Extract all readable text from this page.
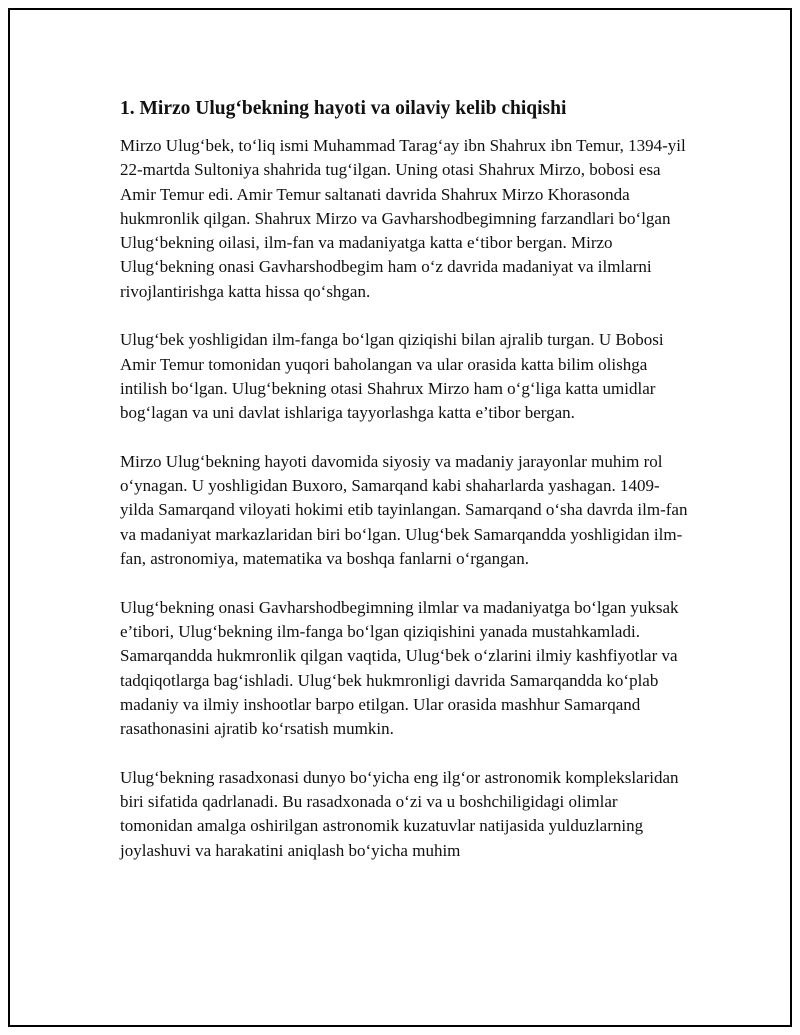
1. Mirzo Ulug‘bekning hayoti va oilaviy kelib chiqishi

Mirzo Ulug‘bek, to‘liq ismi Muhammad Tarag‘ay ibn Shahrux ibn Temur, 1394-yil 22-martda Sultoniya shahrida tug‘ilgan. Uning otasi Shahrux Mirzo, bobosi esa Amir Temur edi. Amir Temur saltanati davrida Shahrux Mirzo Khorasonda hukmronlik qilgan. Shahrux Mirzo va Gavharshodbegimning farzandlari bo‘lgan Ulug‘bekning oilasi, ilm-fan va madaniyatga katta e‘tibor bergan. Mirzo Ulug‘bekning onasi Gavharshodbegim ham o‘z davrida madaniyat va ilmlarni rivojlantirishga katta hissa qo‘shgan.

Ulug‘bek yoshligidan ilm-fanga bo‘lgan qiziqishi bilan ajralib turgan. U Bobosi Amir Temur tomonidan yuqori baholangan va ular orasida katta bilim olishga intilish bo‘lgan. Ulug‘bekning otasi Shahrux Mirzo ham o‘g‘liga katta umidlar bog‘lagan va uni davlat ishlariga tayyorlashga katta e’tibor bergan.

Mirzo Ulug‘bekning hayoti davomida siyosiy va madaniy jarayonlar muhim rol o‘ynagan. U yoshligidan Buxoro, Samarqand kabi shaharlarda yashagan. 1409-yilda Samarqand viloyati hokimi etib tayinlangan. Samarqand o‘sha davrda ilm-fan va madaniyat markazlaridan biri bo‘lgan. Ulug‘bek Samarqandda yoshligidan ilm-fan, astronomiya, matematika va boshqa fanlarni o‘rgangan.

Ulug‘bekning onasi Gavharshodbegimning ilmlar va madaniyatga bo‘lgan yuksak e’tibori, Ulug‘bekning ilm-fanga bo‘lgan qiziqishini yanada mustahkamladi. Samarqandda hukmronlik qilgan vaqtida, Ulug‘bek o‘zlarini ilmiy kashfiyotlar va tadqiqotlarga bag‘ishladi. Ulug‘bek hukmronligi davrida Samarqandda ko‘plab madaniy va ilmiy inshootlar barpo etilgan. Ular orasida mashhur Samarqand rasathonasini ajratib ko‘rsatish mumkin.

Ulug‘bekning rasadxonasi dunyo bo‘yicha eng ilg‘or astronomik komplekslaridan biri sifatida qadrlanadi. Bu rasadxonada o‘zi va u boshchiligidagi olimlar tomonidan amalga oshirilgan astronomik kuzatuvlar natijasida yulduzlarning joylashuvi va harakatini aniqlash bo‘yicha muhim
